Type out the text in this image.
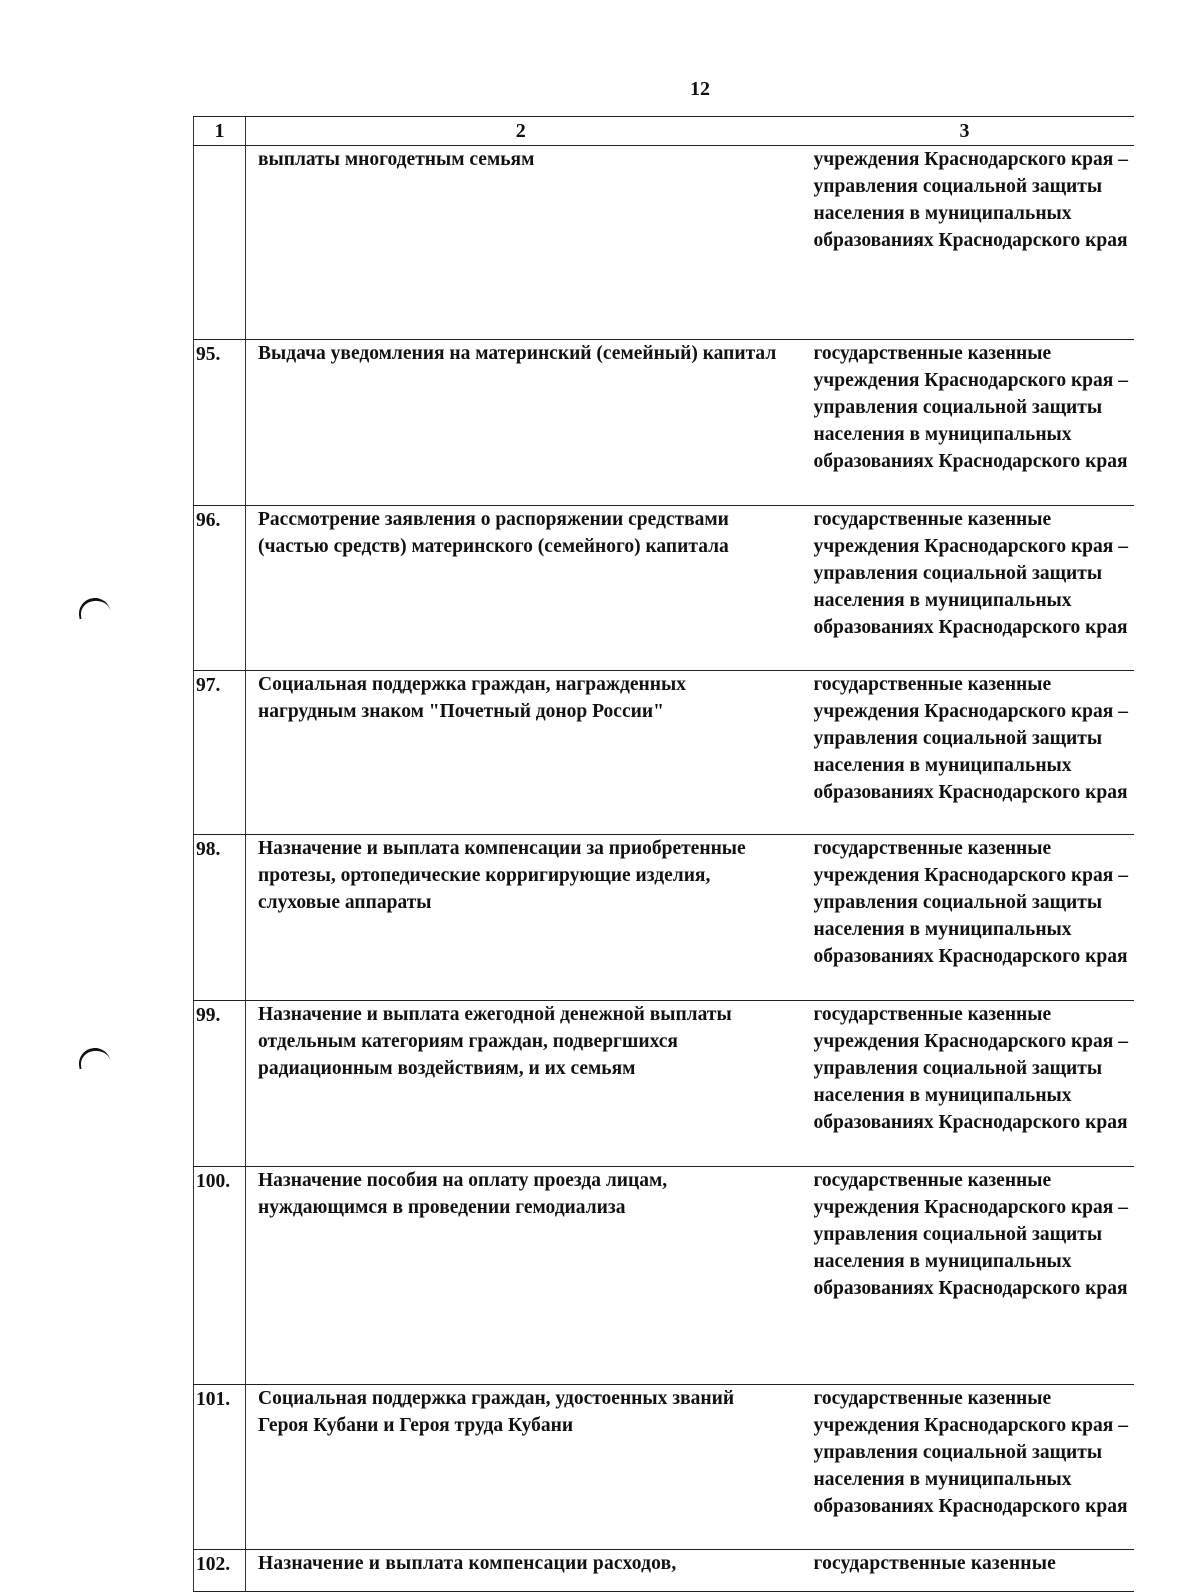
12
1	2	3
	выплаты многодетным семьям	учреждения Краснодарского края – управления социальной защиты населения в муниципальных образованиях Краснодарского края
95.	Выдача уведомления на материнский (семейный) капитал	государственные казенные учреждения Краснодарского края – управления социальной защиты населения в муниципальных образованиях Краснодарского края
96.	Рассмотрение заявления о распоряжении средствами (частью средств) материнского (семейного) капитала	государственные казенные учреждения Краснодарского края – управления социальной защиты населения в муниципальных образованиях Краснодарского края
97.	Социальная поддержка граждан, награжденных нагрудным знаком "Почетный донор России"	государственные казенные учреждения Краснодарского края – управления социальной защиты населения в муниципальных образованиях Краснодарского края
98.	Назначение и выплата компенсации за приобретенные протезы, ортопедические корригирующие изделия, слуховые аппараты	государственные казенные учреждения Краснодарского края – управления социальной защиты населения в муниципальных образованиях Краснодарского края
99.	Назначение и выплата ежегодной денежной выплаты отдельным категориям граждан, подвергшихся радиационным воздействиям, и их семьям	государственные казенные учреждения Краснодарского края – управления социальной защиты населения в муниципальных образованиях Краснодарского края
100.	Назначение пособия на оплату проезда лицам, нуждающимся в проведении гемодиализа	государственные казенные учреждения Краснодарского края – управления социальной защиты населения в муниципальных образованиях Краснодарского края
101.	Социальная поддержка граждан, удостоенных званий Героя Кубани и Героя труда Кубани	государственные казенные учреждения Краснодарского края – управления социальной защиты населения в муниципальных образованиях Краснодарского края
102.	Назначение и выплата компенсации расходов,	государственные казенные
